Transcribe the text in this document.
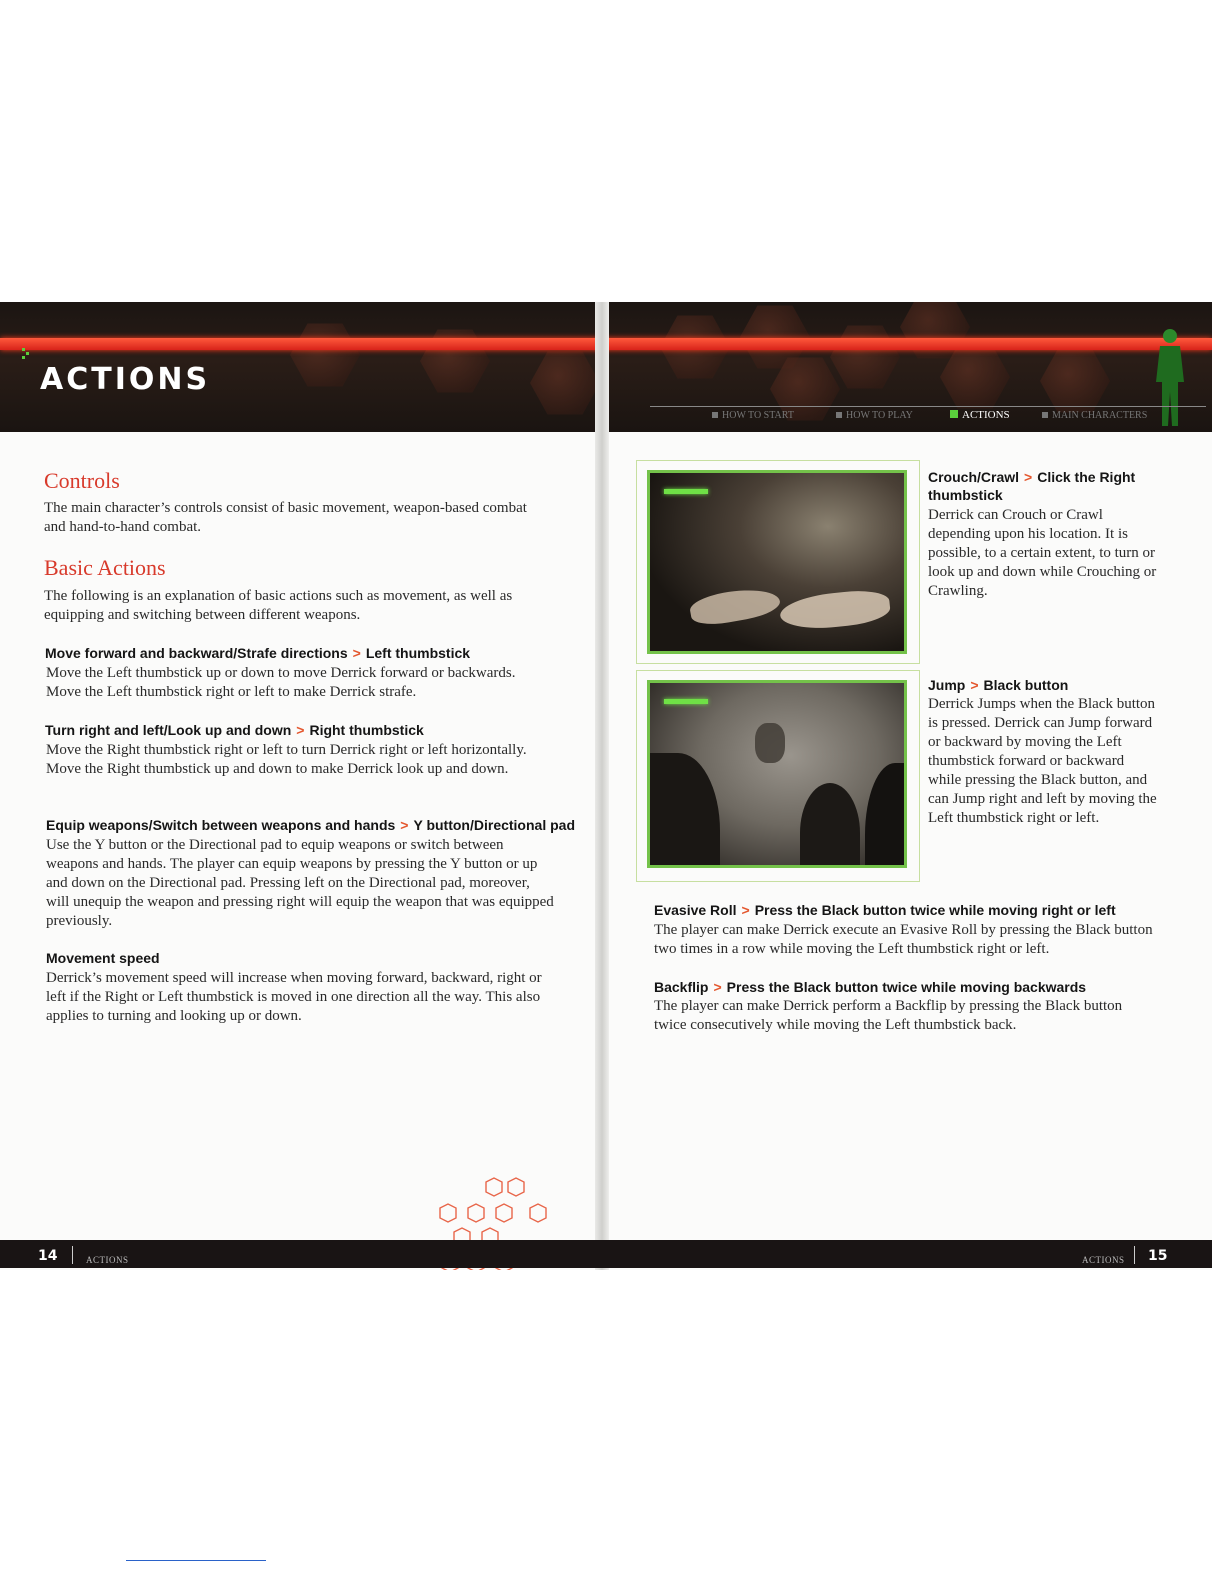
ACTIONS
HOW TO START	HOW TO PLAY	ACTIONS	MAIN CHARACTERS
Controls

The main character’s controls consist of basic movement, weapon-based combat and hand-to-hand combat.

Basic Actions

The following is an explanation of basic actions such as movement, as well as equipping and switching between different weapons.

Move forward and backward/Strafe directions > Left thumbstick

Move the Left thumbstick up or down to move Derrick forward or backwards. Move the Left thumbstick right or left to make Derrick strafe.

Turn right and left/Look up and down > Right thumbstick

Move the Right thumbstick right or left to turn Derrick right or left horizontally. Move the Right thumbstick up and down to make Derrick look up and down.

Equip weapons/Switch between weapons and hands > Y button/Directional pad

Use the Y button or the Directional pad to equip weapons or switch between weapons and hands. The player can equip weapons by pressing the Y button or up and down on the Directional pad. Pressing left on the Directional pad, moreover, will unequip the weapon and pressing right will equip the weapon that was equipped previously.

Movement speed

Derrick’s movement speed will increase when moving forward, backward, right or left if the Right or Left thumbstick is moved in one direction all the way. This also applies to turning and looking up or down.

Crouch/Crawl > Click the Right thumbstick

Derrick can Crouch or Crawl depending upon his location. It is possible, to a certain extent, to turn or look up and down while Crouching or Crawling.

Jump > Black button

Derrick Jumps when the Black button is pressed. Derrick can Jump forward or backward by moving the Left thumbstick forward or backward while pressing the Black button, and can Jump right and left by moving the Left thumbstick right or left.

Evasive Roll > Press the Black button twice while moving right or left

The player can make Derrick execute an Evasive Roll by pressing the Black button two times in a row while moving the Left thumbstick right or left.

Backflip > Press the Black button twice while moving backwards

The player can make Derrick perform a Backflip by pressing the Black button twice consecutively while moving the Left thumbstick back.

14	ACTIONS	ACTIONS 15
